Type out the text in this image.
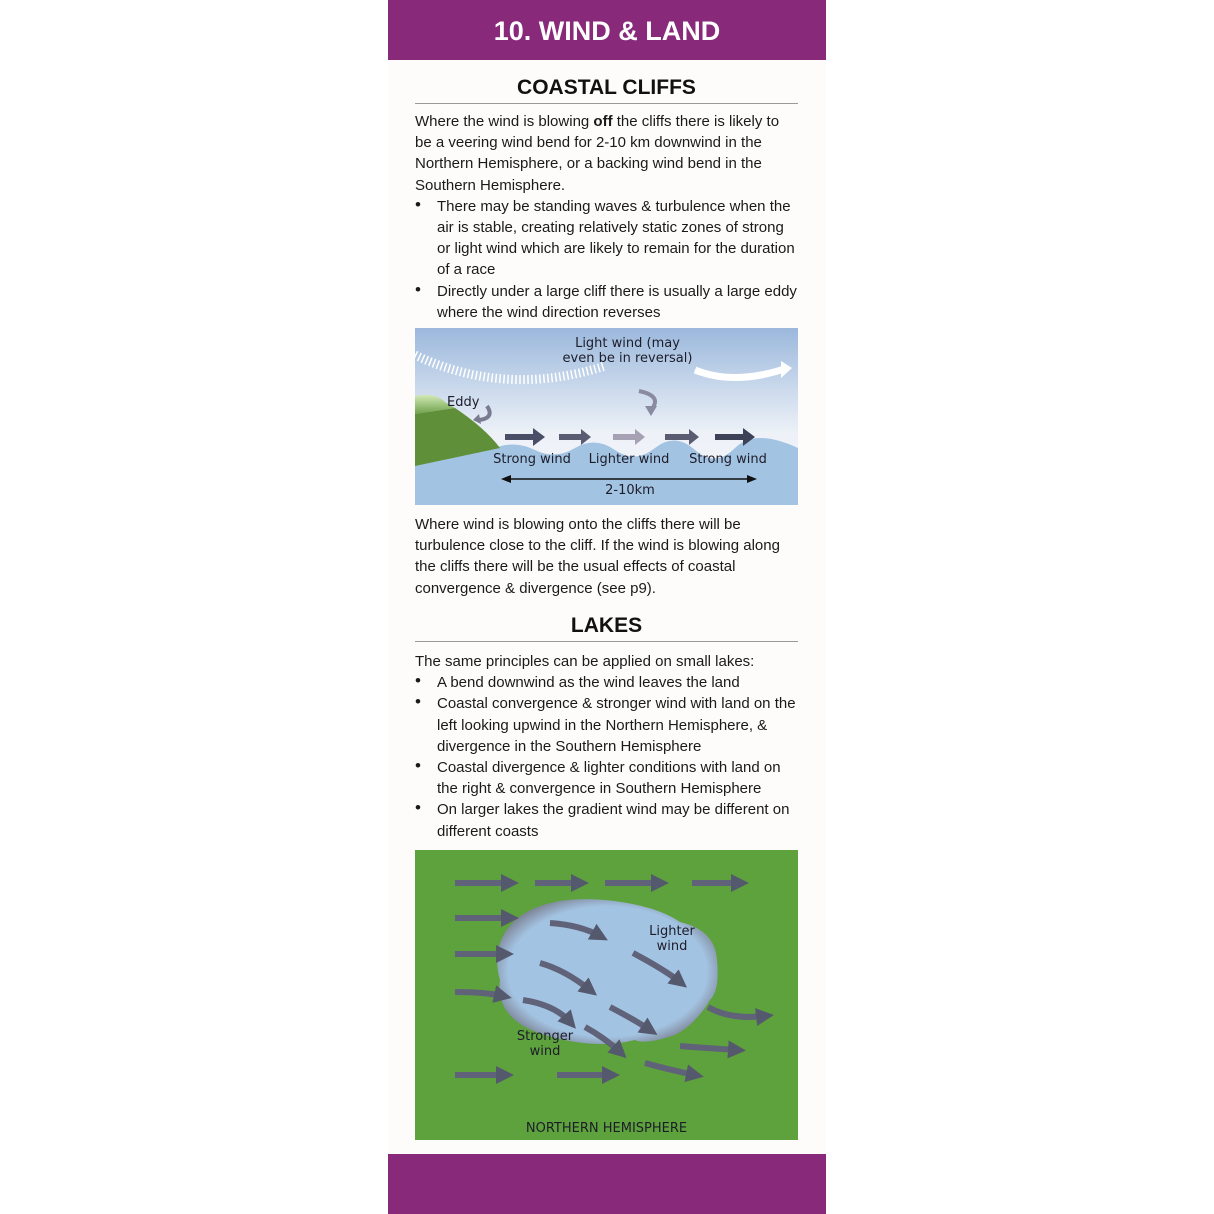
10. WIND & LAND
COASTAL CLIFFS

Where the wind is blowing off the cliffs there is likely to be a veering wind bend for 2-10 km downwind in the Northern Hemisphere, or a backing wind bend in the Southern Hemisphere.

• There may be standing waves & turbulence when the air is stable, creating relatively static zones of strong or light wind which are likely to remain for the duration of a race
• Directly under a large cliff there is usually a large eddy where the wind direction reverses
Light wind (may
even be in reversal)
Eddy
Strong wind	Lighter wind	Strong wind
2-10km

Where wind is blowing onto the cliffs there will be turbulence close to the cliff. If the wind is blowing along the cliffs there will be the usual effects of coastal convergence & divergence (see p9).

LAKES

The same principles can be applied on small lakes:

• A bend downwind as the wind leaves the land
• Coastal convergence & stronger wind with land on the left looking upwind in the Northern Hemisphere, & divergence in the Southern Hemisphere
• Coastal divergence & lighter conditions with land on the right & convergence in Southern Hemisphere
• On larger lakes the gradient wind may be different on different coasts
Lighter
wind
Stronger
wind
NORTHERN HEMISPHERE
